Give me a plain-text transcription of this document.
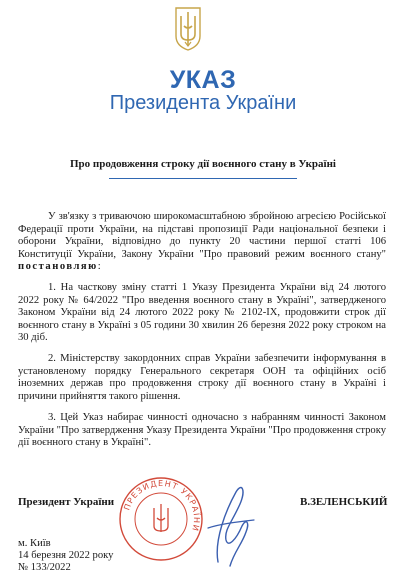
УКАЗ
Президента України
Про продовження строку дії воєнного стану в Україні

У зв'язку з триваючою широкомасштабною збройною агресією Російської Федерації проти України, на підставі пропозиції Ради національної безпеки і оборони України, відповідно до пункту 20 частини першої статті 106 Конституції України, Закону України "Про правовий режим воєнного стану" постановляю:

1. На часткову зміну статті 1 Указу Президента України від 24 лютого 2022 року № 64/2022 "Про введення воєнного стану в Україні", затвердженого Законом України від 24 лютого 2022 року № 2102-IX, продовжити строк дії воєнного стану в Україні з 05 години 30 хвилин 26 березня 2022 року строком на 30 діб.

2. Міністерству закордонних справ України забезпечити інформування в установленому порядку Генерального секретаря ООН та офіційних осіб іноземних держав про продовження строку дії воєнного стану в Україні і причини прийняття такого рішення.

3. Цей Указ набирає чинності одночасно з набранням чинності Законом України "Про затвердження Указу Президента України "Про продовження строку дії воєнного стану в Україні".

Президент України ПРЕЗИДЕНТ УКРАЇНИ
В.ЗЕЛЕНСЬКИЙ
м. Київ
14 березня 2022 року
№ 133/2022
